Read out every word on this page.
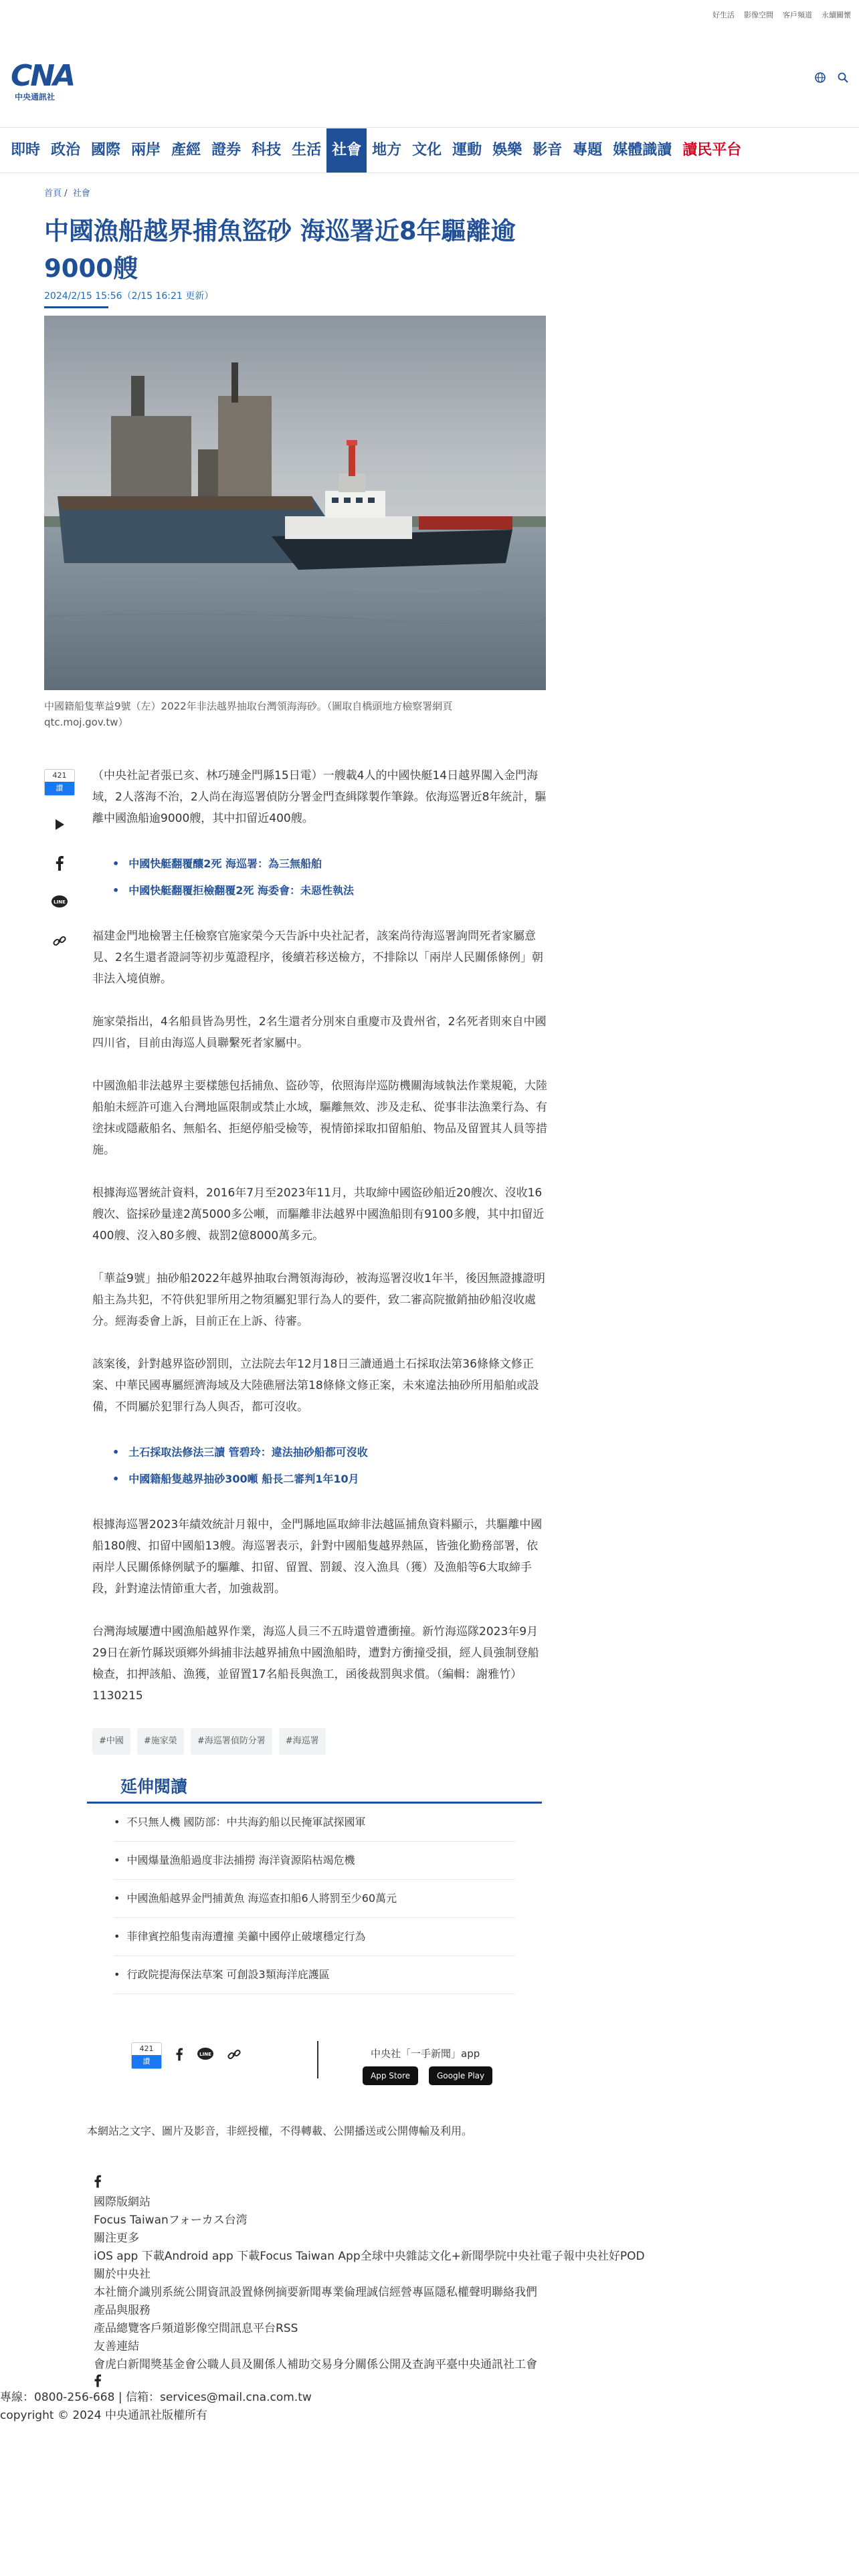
好生活 影像空間 客戶頻道 永續關懷
CNA
中央通訊社
即時 政治 國際 兩岸 產經 證券 科技 生活 社會 地方 文化 運動 娛樂 影音 專題 媒體識讀 讀民平台
首頁 / 社會
中國漁船越界捕魚盜砂 海巡署近8年驅離逾9000艘
2024/2/15 15:56（2/15 16:21 更新）
中國籍船隻華益9號（左）2022年非法越界抽取台灣領海海砂。（圖取自橋頭地方檢察署網頁qtc.moj.gov.tw）
421
讚
LINE

（中央社記者張已亥、林巧璉金門縣15日電）一艘載4人的中國快艇14日越界闖入金門海域，2人落海不治，2人尚在海巡署偵防分署金門查緝隊製作筆錄。依海巡署近8年統計，驅離中國漁船逾9000艘，其中扣留近400艘。

• 中國快艇翻覆釀2死 海巡署：為三無船舶
• 中國快艇翻覆拒檢翻覆2死 海委會：未惡性執法

福建金門地檢署主任檢察官施家榮今天告訴中央社記者，該案尚待海巡署詢問死者家屬意見、2名生還者證詞等初步蒐證程序，後續若移送檢方，不排除以「兩岸人民關係條例」朝非法入境偵辦。

施家榮指出，4名船員皆為男性，2名生還者分別來自重慶市及貴州省，2名死者則來自中國四川省，目前由海巡人員聯繫死者家屬中。

中國漁船非法越界主要樣態包括捕魚、盜砂等，依照海岸巡防機關海域執法作業規範，大陸船舶未經許可進入台灣地區限制或禁止水域，驅離無效、涉及走私、從事非法漁業行為、有塗抹或隱蔽船名、無船名、拒絕停船受檢等，視情節採取扣留船舶、物品及留置其人員等措施。

根據海巡署統計資料，2016年7月至2023年11月，共取締中國盜砂船近20艘次、沒收16艘次、盜採砂量達2萬5000多公噸，而驅離非法越界中國漁船則有9100多艘，其中扣留近400艘、沒入80多艘、裁罰2億8000萬多元。

「華益9號」抽砂船2022年越界抽取台灣領海海砂，被海巡署沒收1年半，後因無證據證明船主為共犯，不符供犯罪所用之物須屬犯罪行為人的要件，致二審高院撤銷抽砂船沒收處分。經海委會上訴，目前正在上訴、待審。

該案後，針對越界盜砂罰則，立法院去年12月18日三讀通過土石採取法第36條條文修正案、中華民國專屬經濟海域及大陸礁層法第18條條文修正案，未來違法抽砂所用船舶或設備，不問屬於犯罪行為人與否，都可沒收。

• 土石採取法修法三讀 管碧玲：違法抽砂船都可沒收
• 中國籍船隻越界抽砂300噸 船長二審判1年10月

根據海巡署2023年績效統計月報中，金門縣地區取締非法越區捕魚資料顯示，共驅離中國船180艘、扣留中國船13艘。海巡署表示，針對中國船隻越界熱區，皆強化勤務部署，依兩岸人民關係條例賦予的驅離、扣留、留置、罰鍰、沒入漁具（獲）及漁船等6大取締手段，針對違法情節重大者，加強裁罰。

台灣海域屢遭中國漁船越界作業，海巡人員三不五時還曾遭衝撞。新竹海巡隊2023年9月29日在新竹縣崁頭鄉外緝捕非法越界捕魚中國漁船時，遭對方衝撞受損，經人員強制登船檢查，扣押該船、漁獲，並留置17名船長與漁工，函後裁罰與求償。（編輯：謝雅竹）1130215

#中國	#施家榮	#海巡署偵防分署	#海巡署
延伸閱讀
• 不只無人機 國防部：中共海釣船以民掩軍試探國軍
• 中國爆量漁船過度非法捕撈 海洋資源陷枯竭危機
• 中國漁船越界金門捕黃魚 海巡查扣船6人將罰至少60萬元
• 菲律賓控船隻南海遭撞 美籲中國停止破壞穩定行為
• 行政院提海保法草案 可創設3類海洋庇護區
421
讚
LINE	中央社「一手新聞」app
App Store	Google Play
本網站之文字、圖片及影音，非經授權，不得轉載、公開播送或公開傳輸及利用。
國際版網站
Focus Taiwanフォーカス台湾
關注更多
iOS app 下載Android app 下載Focus Taiwan App全球中央雜誌文化+新聞學院中央社電子報中央社好POD
關於中央社
本社簡介識別系統公開資訊設置條例摘要新聞專業倫理誠信經營專區隱私權聲明聯絡我們
產品與服務
產品總覽客戶頻道影像空間訊息平台RSS
友善連結
會虎白新聞獎基金會公職人員及關係人補助交易身分關係公開及查詢平臺中央通訊社工會
專線：0800-256-668 | 信箱：services@mail.cna.com.tw
copyright © 2024 中央通訊社版權所有
